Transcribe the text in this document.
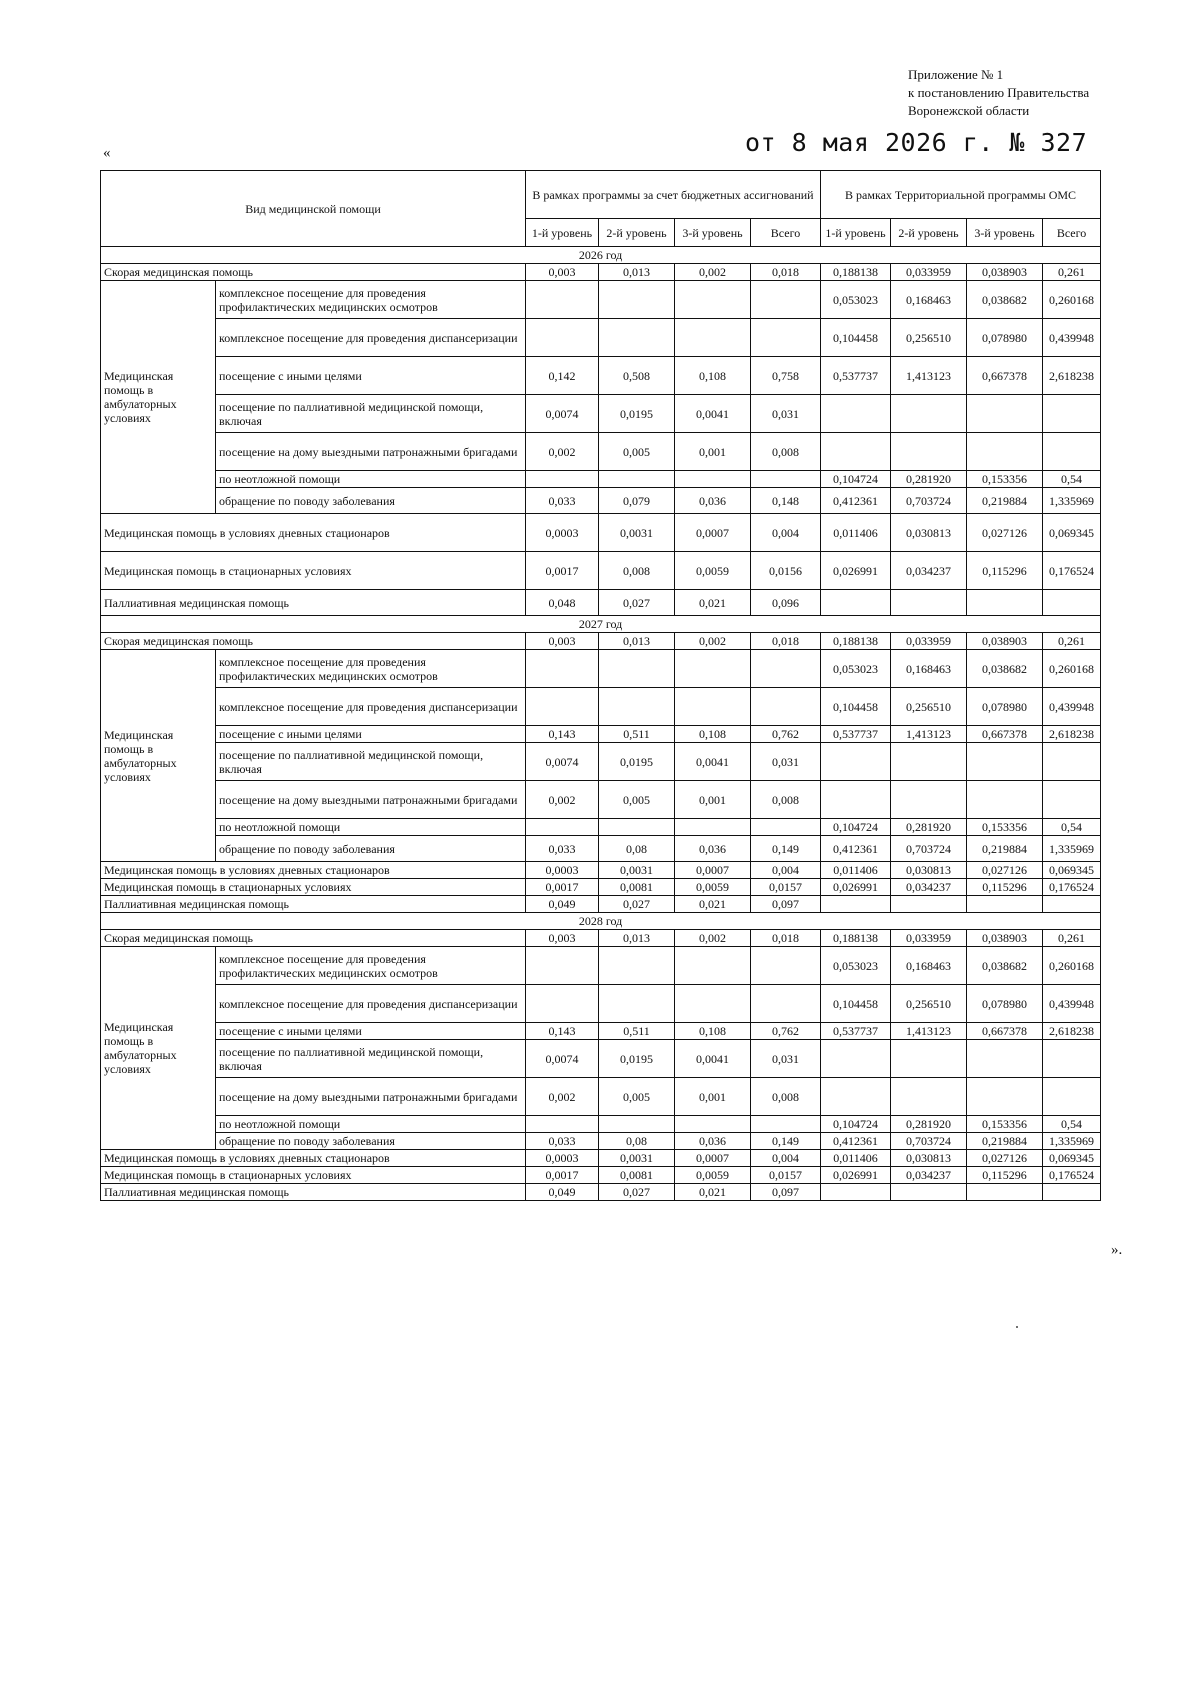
Приложение № 1
к постановлению Правительства
Воронежской области
от 8 мая 2026 г. № 327
«
Вид медицинской помощи		В рамках программы за счет бюджетных ассигнований				В рамках Территориальной программы ОМС			
		1-й уровень	2-й уровень	3-й уровень	Всего	1-й уровень	2-й уровень	3-й уровень	Всего
2026 год									
Скорая медицинская помощь		0,003	0,013	0,002	0,018	0,188138	0,033959	0,038903	0,261
Медицинская помощь в амбулаторных условиях	комплексное посещение для проведения профилактических медицинских осмотров					0,053023	0,168463	0,038682	0,260168
	комплексное посещение для проведения диспансеризации					0,104458	0,256510	0,078980	0,439948
	посещение с иными целями	0,142	0,508	0,108	0,758	0,537737	1,413123	0,667378	2,618238
	посещение по паллиативной медицинской помощи, включая	0,0074	0,0195	0,0041	0,031				
	посещение на дому выездными патронажными бригадами	0,002	0,005	0,001	0,008				
	по неотложной помощи					0,104724	0,281920	0,153356	0,54
	обращение по поводу заболевания	0,033	0,079	0,036	0,148	0,412361	0,703724	0,219884	1,335969
Медицинская помощь в условиях дневных стационаров		0,0003	0,0031	0,0007	0,004	0,011406	0,030813	0,027126	0,069345
Медицинская помощь в стационарных условиях		0,0017	0,008	0,0059	0,0156	0,026991	0,034237	0,115296	0,176524
Паллиативная медицинская помощь		0,048	0,027	0,021	0,096				
2027 год									
Скорая медицинская помощь		0,003	0,013	0,002	0,018	0,188138	0,033959	0,038903	0,261
Медицинская помощь в амбулаторных условиях	комплексное посещение для проведения профилактических медицинских осмотров					0,053023	0,168463	0,038682	0,260168
	комплексное посещение для проведения диспансеризации					0,104458	0,256510	0,078980	0,439948
	посещение с иными целями	0,143	0,511	0,108	0,762	0,537737	1,413123	0,667378	2,618238
	посещение по паллиативной медицинской помощи, включая	0,0074	0,0195	0,0041	0,031				
	посещение на дому выездными патронажными бригадами	0,002	0,005	0,001	0,008				
	по неотложной помощи					0,104724	0,281920	0,153356	0,54
	обращение по поводу заболевания	0,033	0,08	0,036	0,149	0,412361	0,703724	0,219884	1,335969
Медицинская помощь в условиях дневных стационаров		0,0003	0,0031	0,0007	0,004	0,011406	0,030813	0,027126	0,069345
Медицинская помощь в стационарных условиях		0,0017	0,0081	0,0059	0,0157	0,026991	0,034237	0,115296	0,176524
Паллиативная медицинская помощь		0,049	0,027	0,021	0,097				
2028 год									
Скорая медицинская помощь		0,003	0,013	0,002	0,018	0,188138	0,033959	0,038903	0,261
Медицинская помощь в амбулаторных условиях	комплексное посещение для проведения профилактических медицинских осмотров					0,053023	0,168463	0,038682	0,260168
	комплексное посещение для проведения диспансеризации					0,104458	0,256510	0,078980	0,439948
	посещение с иными целями	0,143	0,511	0,108	0,762	0,537737	1,413123	0,667378	2,618238
	посещение по паллиативной медицинской помощи, включая	0,0074	0,0195	0,0041	0,031				
	посещение на дому выездными патронажными бригадами	0,002	0,005	0,001	0,008				
	по неотложной помощи					0,104724	0,281920	0,153356	0,54
	обращение по поводу заболевания	0,033	0,08	0,036	0,149	0,412361	0,703724	0,219884	1,335969
Медицинская помощь в условиях дневных стационаров		0,0003	0,0031	0,0007	0,004	0,011406	0,030813	0,027126	0,069345
Медицинская помощь в стационарных условиях		0,0017	0,0081	0,0059	0,0157	0,026991	0,034237	0,115296	0,176524
Паллиативная медицинская помощь		0,049	0,027	0,021	0,097				
».
